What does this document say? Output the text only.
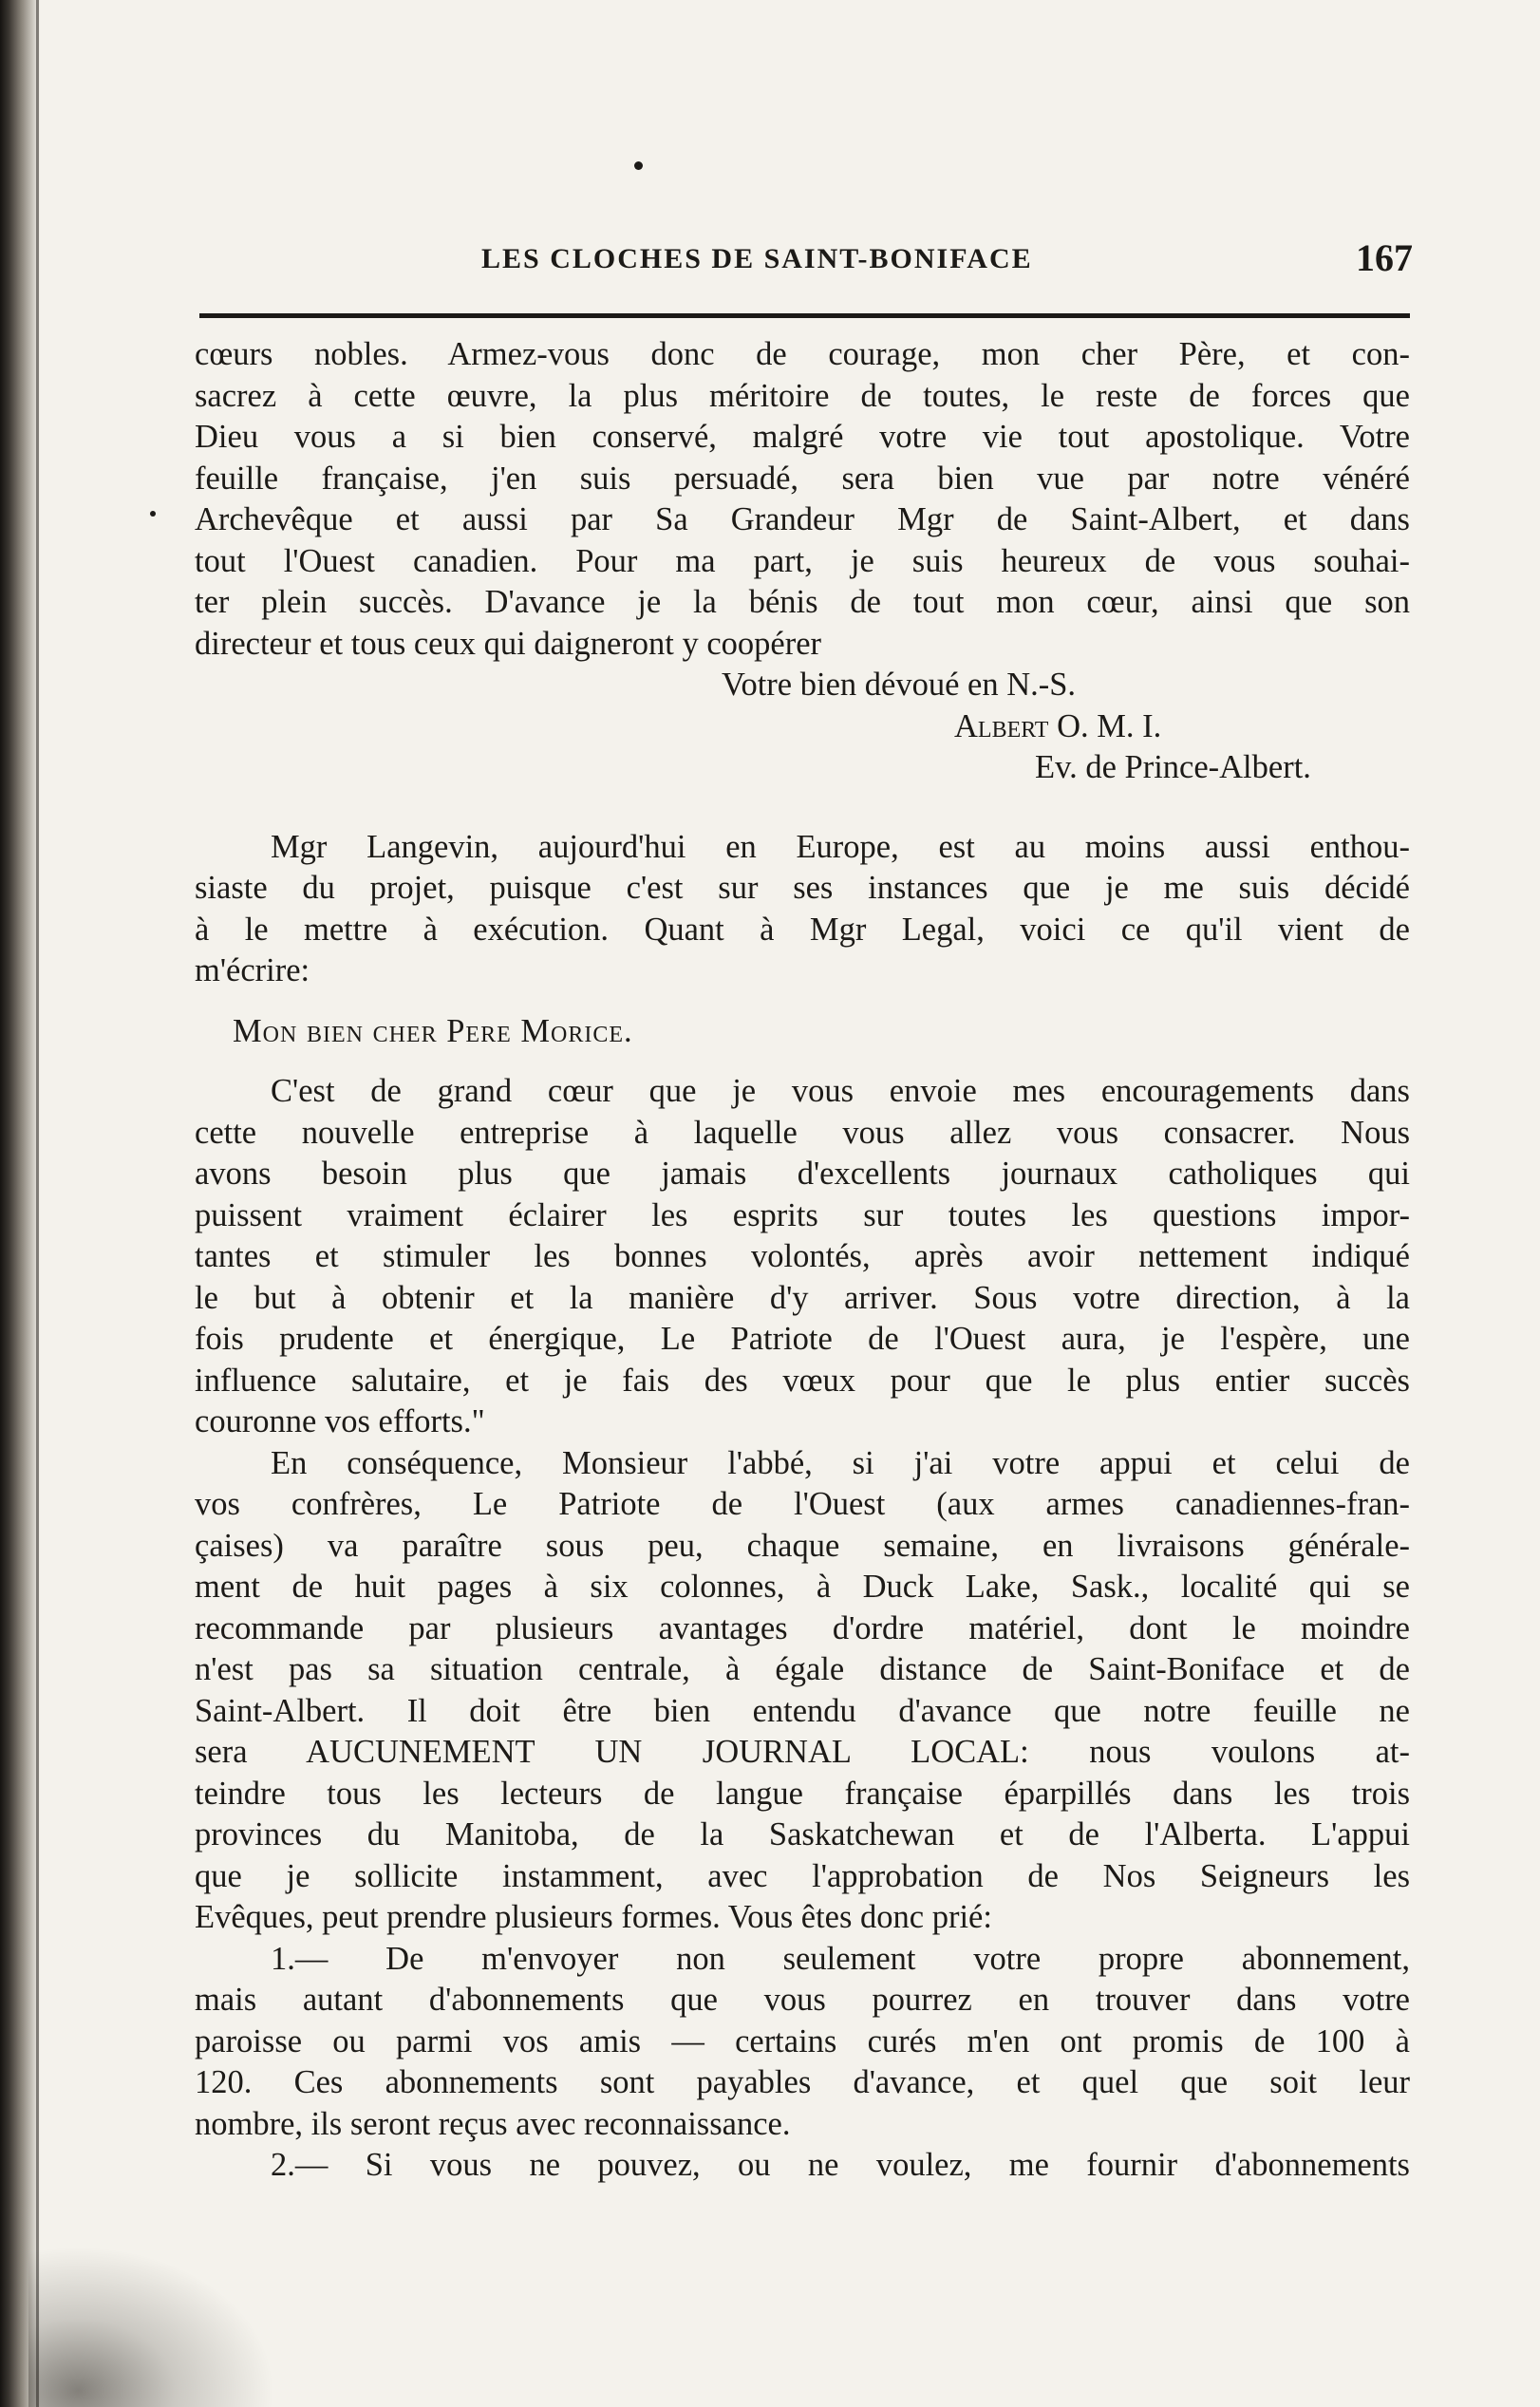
LES CLOCHES DE SAINT-BONIFACE	167
cœurs nobles. Armez-vous donc de courage, mon cher Père, et con-
sacrez à cette œuvre, la plus méritoire de toutes, le reste de forces que
Dieu vous a si bien conservé, malgré votre vie tout apostolique. Votre
feuille française, j'en suis persuadé, sera bien vue par notre vénéré
Archevêque et aussi par Sa Grandeur Mgr de Saint-Albert, et dans
tout l'Ouest canadien. Pour ma part, je suis heureux de vous souhai-
ter plein succès. D'avance je la bénis de tout mon cœur, ainsi que son
directeur et tous ceux qui daigneront y coopérer
Votre bien dévoué en N.-S.
Albert O. M. I.
Ev. de Prince-Albert.
Mgr Langevin, aujourd'hui en Europe, est au moins aussi enthou-
siaste du projet, puisque c'est sur ses instances que je me suis décidé
à le mettre à exécution. Quant à Mgr Legal, voici ce qu'il vient de
m'écrire:
Mon bien cher Pere Morice.
C'est de grand cœur que je vous envoie mes encouragements dans
cette nouvelle entreprise à laquelle vous allez vous consacrer. Nous
avons besoin plus que jamais d'excellents journaux catholiques qui
puissent vraiment éclairer les esprits sur toutes les questions impor-
tantes et stimuler les bonnes volontés, après avoir nettement indiqué
le but à obtenir et la manière d'y arriver. Sous votre direction, à la
fois prudente et énergique, Le Patriote de l'Ouest aura, je l'espère, une
influence salutaire, et je fais des vœux pour que le plus entier succès
couronne vos efforts."
En conséquence, Monsieur l'abbé, si j'ai votre appui et celui de
vos confrères, Le Patriote de l'Ouest (aux armes canadiennes-fran-
çaises) va paraître sous peu, chaque semaine, en livraisons générale-
ment de huit pages à six colonnes, à Duck Lake, Sask., localité qui se
recommande par plusieurs avantages d'ordre matériel, dont le moindre
n'est pas sa situation centrale, à égale distance de Saint-Boniface et de
Saint-Albert. Il doit être bien entendu d'avance que notre feuille ne
sera AUCUNEMENT UN JOURNAL LOCAL: nous voulons at-
teindre tous les lecteurs de langue française éparpillés dans les trois
provinces du Manitoba, de la Saskatchewan et de l'Alberta. L'appui
que je sollicite instamment, avec l'approbation de Nos Seigneurs les
Evêques, peut prendre plusieurs formes. Vous êtes donc prié:
1.— De m'envoyer non seulement votre propre abonnement,
mais autant d'abonnements que vous pourrez en trouver dans votre
paroisse ou parmi vos amis — certains curés m'en ont promis de 100 à
120. Ces abonnements sont payables d'avance, et quel que soit leur
nombre, ils seront reçus avec reconnaissance.
2.— Si vous ne pouvez, ou ne voulez, me fournir d'abonnements
